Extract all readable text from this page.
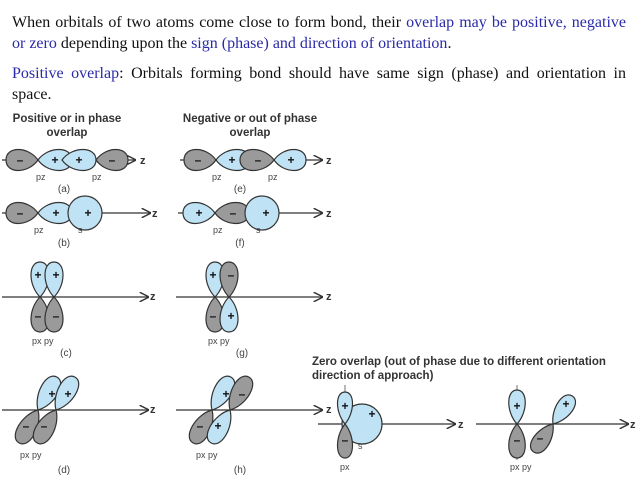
When orbitals of two atoms come close to form bond, their overlap may be positive, negative or zero depending upon the sign (phase) and direction of orientation.
Positive overlap: Orbitals forming bond should have same sign (phase) and orientation in space.
Positive or in phase
overlap
Negative or out of phase
overlap
Zero overlap (out of phase due to different orientation
direction of approach)
– + + –	– + – +
– + +	+ – +
+ +
– –
+ –
– +
+ +
– –
+ –
– +
+
–
+
+
–
+
–
z	z
z	z
z	z
z	z
z	z
pz	pz	pz	pz
pz	s	pz	s
px py	px py
px py	px py
s
px	px py
(a)	(e)
(b)	(f)
(c)	(g)
(d)	(h)
